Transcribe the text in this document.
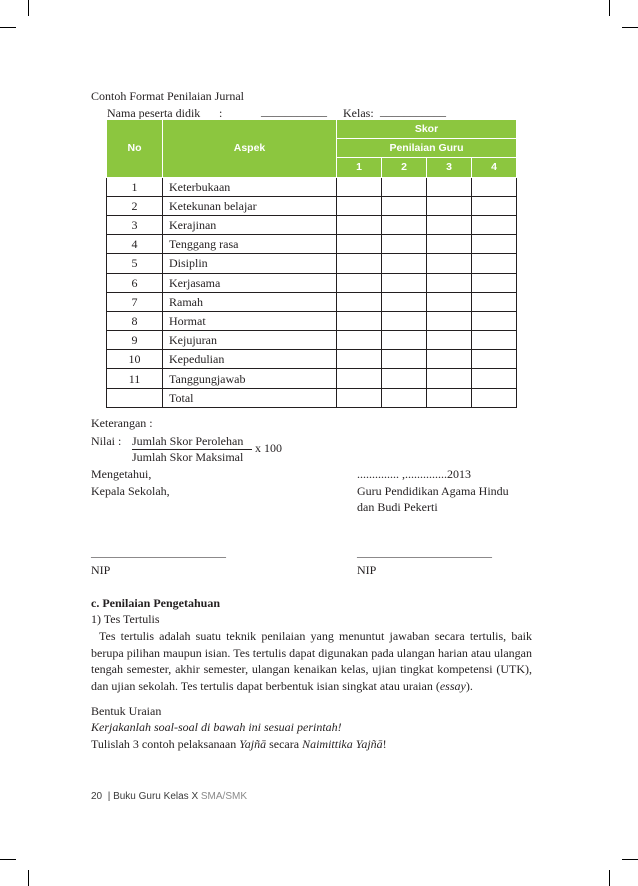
Contoh Format Penilaian Jurnal
Nama peserta didik :	___________ Kelas: ___________
No	Aspek	Skor			
		Penilaian Guru			
		1	2	3	4
1	Keterbukaan				
2	Ketekunan belajar				
3	Kerajinan				
4	Tenggang rasa				
5	Disiplin				
6	Kerjasama				
7	Ramah				
8	Hormat				
9	Kejujuran				
10	Kepedulian				
11	Tanggungjawab				
	Total				
Keterangan :
Nilai : Jumlah Skor Perolehan x 100
Jumlah Skor Maksimal
Mengetahui,
Kepala Sekolah,
.............. ,..............2013
Guru Pendidikan Agama Hindu
dan Budi Pekerti
___________________________	___________________________
NIP	NIP
c. Penilaian Pengetahuan
1) Tes Tertulis
Tes tertulis adalah suatu teknik penilaian yang menuntut jawaban secara tertulis, baik berupa pilihan maupun isian. Tes tertulis dapat digunakan pada ulangan harian atau ulangan tengah semester, akhir semester, ulangan kenaikan kelas, ujian tingkat kompetensi (UTK), dan ujian sekolah. Tes tertulis dapat berbentuk isian singkat atau uraian (essay).
Bentuk Uraian
Kerjakanlah soal-soal di bawah ini sesuai perintah!
Tulislah 3 contoh pelaksanaan Yajñā secara Naimittika Yajñā!
20 | Buku Guru Kelas X SMA/SMK
